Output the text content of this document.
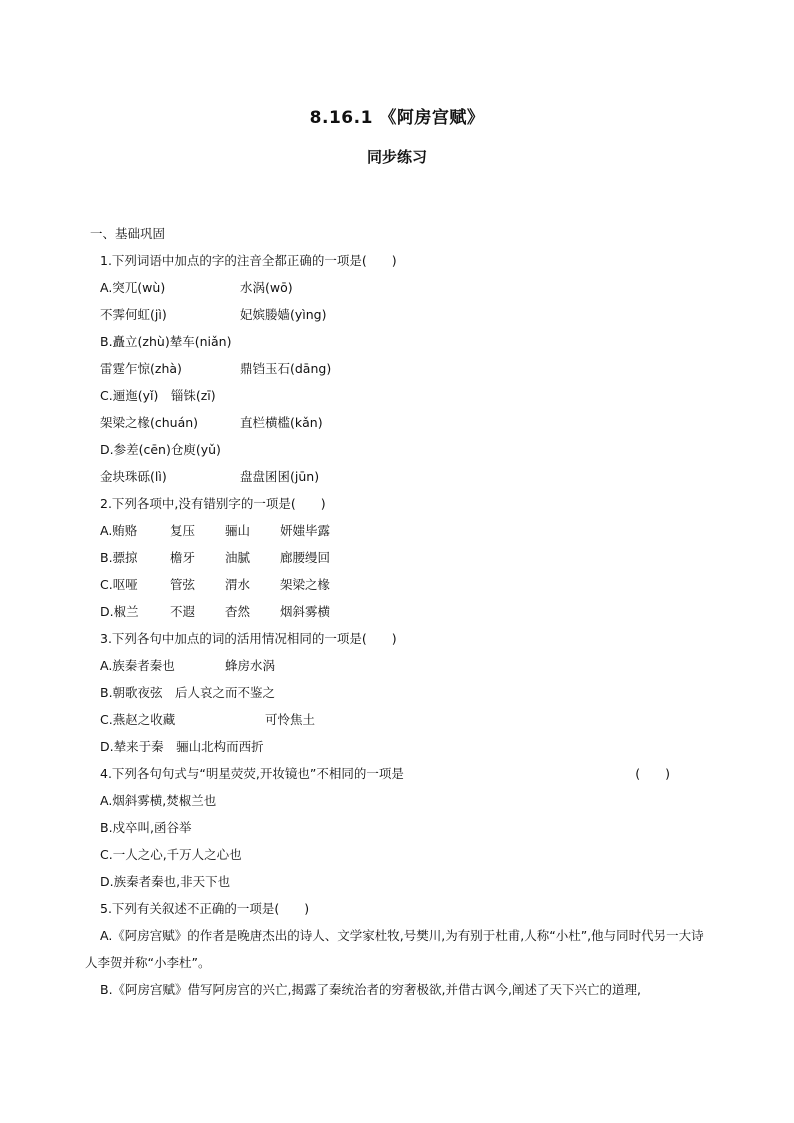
8.16.1 《阿房宫赋》
同步练习
一、基础巩固
1.下列词语中加点的字的注音全都正确的一项是(　　)
A.突兀(wù)	水涡(wō)
不霁何虹(jì)	妃嫔媵嫱(yìng)
B.矗立(zhù)辇车(niǎn)
雷霆乍惊(zhà)	鼎铛玉石(dāng)
C.逦迤(yǐ)　锱铢(zī)
架梁之椽(chuán)	直栏横槛(kǎn)
D.参差(cēn)仓庾(yǔ)
金块珠砾(lì)	盘盘囷囷(jūn)
2.下列各项中,没有错别字的一项是(　　)
A.贿赂	复压 骊山 妍媸毕露
B.骠掠	檐牙 油腻 廊腰缦回
C.呕哑	管弦 渭水 架梁之椽
D.椒兰	不遐 杳然 烟斜雾横
3.下列各句中加点的词的活用情况相同的一项是(　　)
A.族秦者秦也	蜂房水涡
B.朝歌夜弦　后人哀之而不鉴之
C.燕赵之收藏	可怜焦土
D.辇来于秦　骊山北构而西折
4.下列各句句式与“明星荧荧,开妆镜也”不相同的一项是	(　　)
A.烟斜雾横,焚椒兰也
B.戍卒叫,函谷举
C.一人之心,千万人之心也
D.族秦者秦也,非天下也
5.下列有关叙述不正确的一项是(　　)
A.《阿房宫赋》的作者是晚唐杰出的诗人、文学家杜牧,号樊川,为有别于杜甫,人称“小杜”,他与同时代另一大诗人李贺并称“小李杜”。
B.《阿房宫赋》借写阿房宫的兴亡,揭露了秦统治者的穷奢极欲,并借古讽今,阐述了天下兴亡的道理,
